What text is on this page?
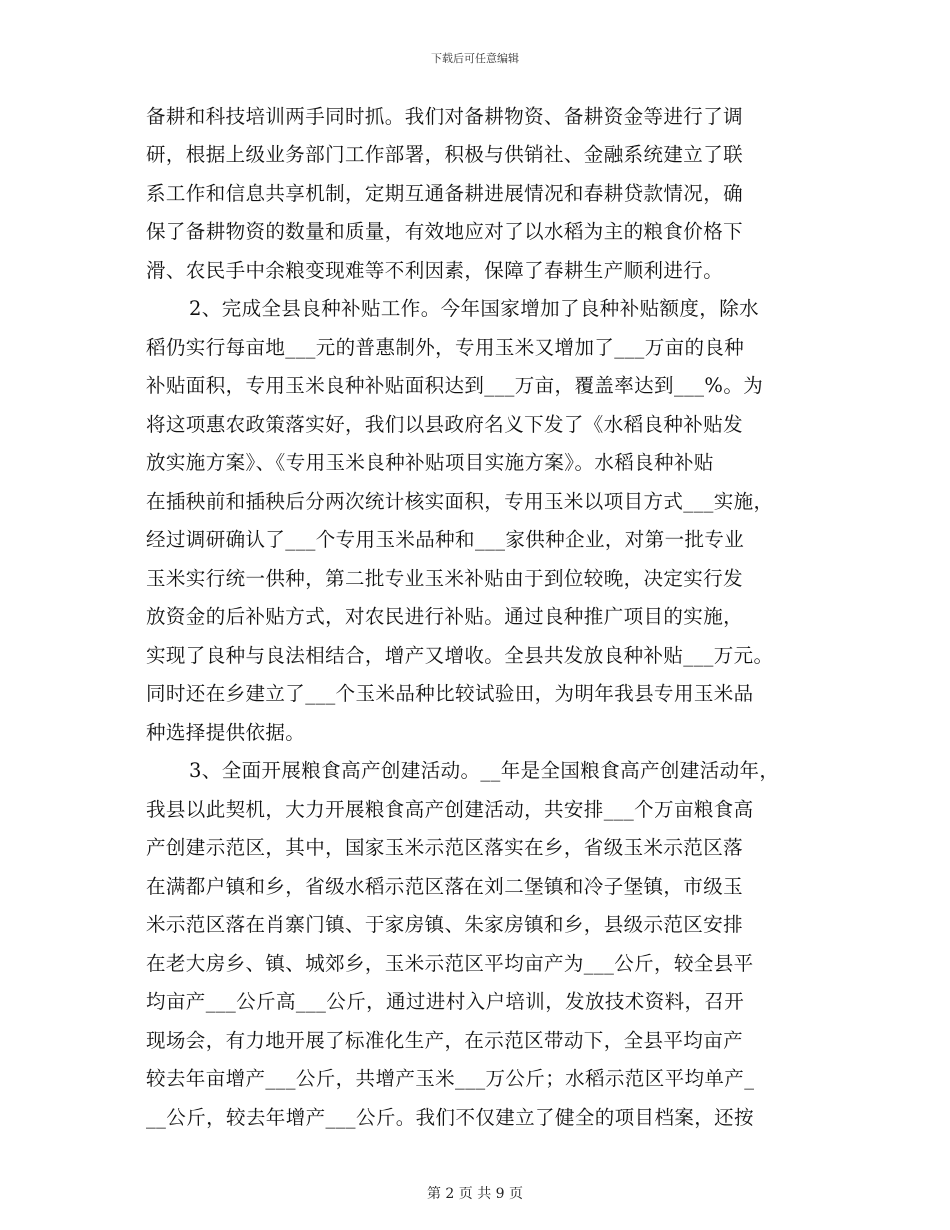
下载后可任意编辑
备耕和科技培训两手同时抓。我们对备耕物资、备耕资金等进行了调
研，根据上级业务部门工作部署，积极与供销社、金融系统建立了联
系工作和信息共享机制，定期互通备耕进展情况和春耕贷款情况，确
保了备耕物资的数量和质量，有效地应对了以水稻为主的粮食价格下
滑、农民手中余粮变现难等不利因素，保障了春耕生产顺利进行。
2、完成全县良种补贴工作。今年国家增加了良种补贴额度，除水
稻仍实行每亩地___元的普惠制外，专用玉米又增加了___万亩的良种
补贴面积，专用玉米良种补贴面积达到___万亩，覆盖率达到___%。为
将这项惠农政策落实好，我们以县政府名义下发了《水稻良种补贴发
放实施方案》、《专用玉米良种补贴项目实施方案》。水稻良种补贴
在插秧前和插秧后分两次统计核实面积，专用玉米以项目方式___实施，
经过调研确认了___个专用玉米品种和___家供种企业，对第一批专业
玉米实行统一供种，第二批专业玉米补贴由于到位较晚，决定实行发
放资金的后补贴方式，对农民进行补贴。通过良种推广项目的实施，
实现了良种与良法相结合，增产又增收。全县共发放良种补贴___万元。
同时还在乡建立了___个玉米品种比较试验田，为明年我县专用玉米品
种选择提供依据。
3、全面开展粮食高产创建活动。__年是全国粮食高产创建活动年，
我县以此契机，大力开展粮食高产创建活动，共安排___个万亩粮食高
产创建示范区，其中，国家玉米示范区落实在乡，省级玉米示范区落
在满都户镇和乡，省级水稻示范区落在刘二堡镇和冷子堡镇，市级玉
米示范区落在肖寨门镇、于家房镇、朱家房镇和乡，县级示范区安排
在老大房乡、镇、城郊乡，玉米示范区平均亩产为___公斤，较全县平
均亩产___公斤高___公斤，通过进村入户培训，发放技术资料，召开
现场会，有力地开展了标准化生产，在示范区带动下，全县平均亩产
较去年亩增产___公斤，共增产玉米___万公斤；水稻示范区平均单产_
__公斤，较去年增产___公斤。我们不仅建立了健全的项目档案，还按
第 2 页 共 9 页
